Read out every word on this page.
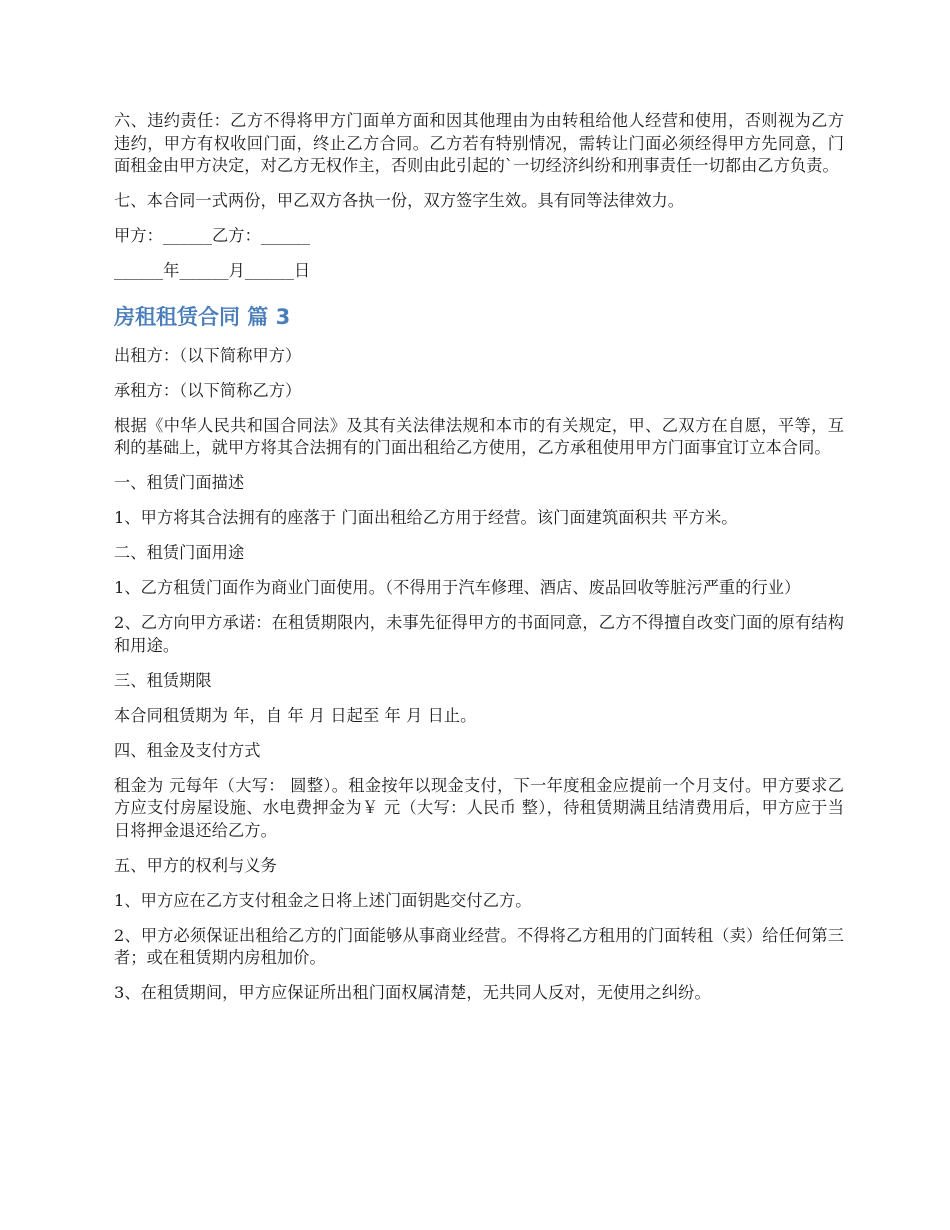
六、违约责任：乙方不得将甲方门面单方面和因其他理由为由转租给他人经营和使用，否则视为乙方违约，甲方有权收回门面，终止乙方合同。乙方若有特别情况，需转让门面必须经得甲方先同意，门面租金由甲方决定，对乙方无权作主，否则由此引起的`一切经济纠纷和刑事责任一切都由乙方负责。

七、本合同一式两份，甲乙双方各执一份，双方签字生效。具有同等法律效力。

甲方：______乙方：______

______年______月______日

房租租赁合同 篇 3

出租方：（以下简称甲方）

承租方：（以下简称乙方）

根据《中华人民共和国合同法》及其有关法律法规和本市的有关规定，甲、乙双方在自愿，平等，互利的基础上，就甲方将其合法拥有的门面出租给乙方使用，乙方承租使用甲方门面事宜订立本合同。

一、租赁门面描述

1、甲方将其合法拥有的座落于 门面出租给乙方用于经营。该门面建筑面积共 平方米。

二、租赁门面用途

1、乙方租赁门面作为商业门面使用。（不得用于汽车修理、酒店、废品回收等脏污严重的行业）

2、乙方向甲方承诺：在租赁期限内，未事先征得甲方的书面同意，乙方不得擅自改变门面的原有结构和用途。

三、租赁期限

本合同租赁期为 年，自 年 月 日起至 年 月 日止。

四、租金及支付方式

租金为 元每年（大写： 圆整）。租金按年以现金支付，下一年度租金应提前一个月支付。甲方要求乙方应支付房屋设施、水电费押金为￥ 元（大写：人民币 整），待租赁期满且结清费用后，甲方应于当日将押金退还给乙方。

五、甲方的权利与义务

1、甲方应在乙方支付租金之日将上述门面钥匙交付乙方。

2、甲方必须保证出租给乙方的门面能够从事商业经营。不得将乙方租用的门面转租（卖）给任何第三者；或在租赁期内房租加价。

3、在租赁期间，甲方应保证所出租门面权属清楚，无共同人反对，无使用之纠纷。
